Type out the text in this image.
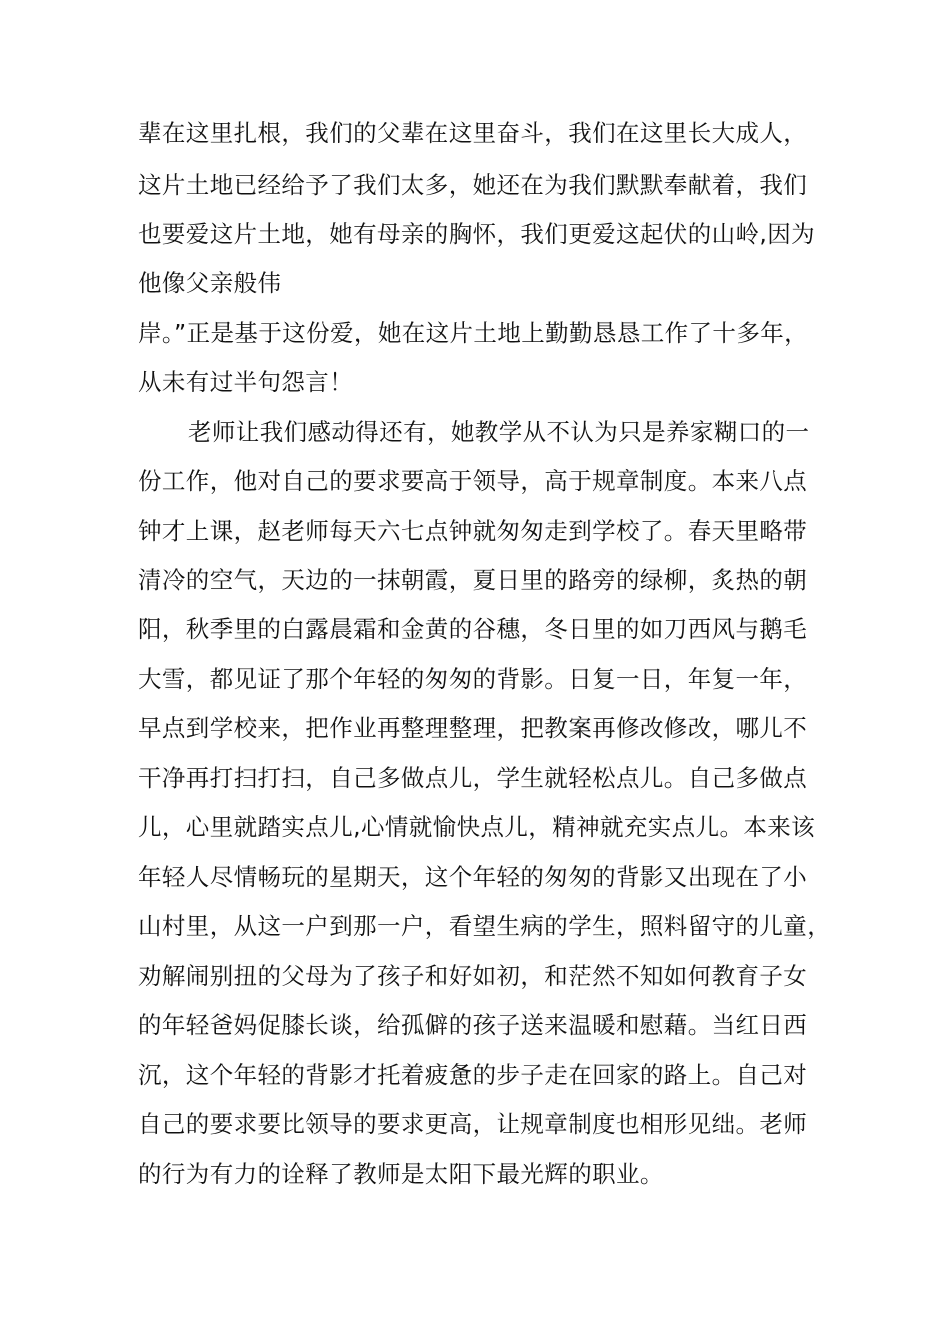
辈在这里扎根，我们的父辈在这里奋斗，我们在这里长大成人，
这片土地已经给予了我们太多，她还在为我们默默奉献着，我们
也要爱这片土地，她有母亲的胸怀，我们更爱这起伏的山岭,因为
他像父亲般伟
岸。”正是基于这份爱，她在这片土地上勤勤恳恳工作了十多年，
从未有过半句怨言！
老师让我们感动得还有，她教学从不认为只是养家糊口的一
份工作，他对自己的要求要高于领导，高于规章制度。本来八点
钟才上课，赵老师每天六七点钟就匆匆走到学校了。春天里略带
清冷的空气，天边的一抹朝霞，夏日里的路旁的绿柳，炙热的朝
阳，秋季里的白露晨霜和金黄的谷穗，冬日里的如刀西风与鹅毛
大雪，都见证了那个年轻的匆匆的背影。日复一日，年复一年，
早点到学校来，把作业再整理整理，把教案再修改修改，哪儿不
干净再打扫打扫，自己多做点儿，学生就轻松点儿。自己多做点
儿，心里就踏实点儿,心情就愉快点儿，精神就充实点儿。本来该
年轻人尽情畅玩的星期天，这个年轻的匆匆的背影又出现在了小
山村里，从这一户到那一户，看望生病的学生，照料留守的儿童，
劝解闹别扭的父母为了孩子和好如初，和茫然不知如何教育子女
的年轻爸妈促膝长谈，给孤僻的孩子送来温暖和慰藉。当红日西
沉，这个年轻的背影才托着疲惫的步子走在回家的路上。自己对
自己的要求要比领导的要求更高，让规章制度也相形见绌。老师
的行为有力的诠释了教师是太阳下最光辉的职业。
